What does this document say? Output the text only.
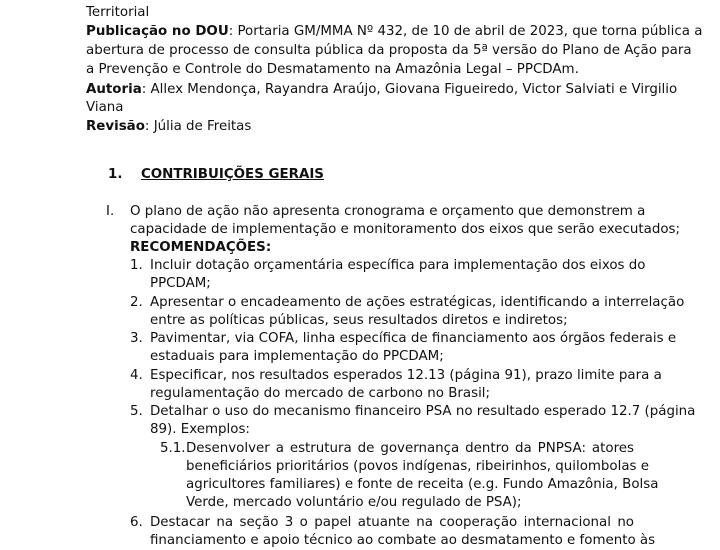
Territorial
Publicação no DOU: Portaria GM/MMA Nº 432, de 10 de abril de 2023, que torna pública a
abertura de processo de consulta pública da proposta da 5ª versão do Plano de Ação para
a Prevenção e Controle do Desmatamento na Amazônia Legal – PPCDAm.
Autoria: Allex Mendonça, Rayandra Araújo, Giovana Figueiredo, Victor Salviati e Virgilio
Viana
Revisão: Júlia de Freitas
1. CONTRIBUIÇÕES GERAIS
I. O plano de ação não apresenta cronograma e orçamento que demonstrem a
capacidade de implementação e monitoramento dos eixos que serão executados;
RECOMENDAÇÕES:
1. Incluir dotação orçamentária específica para implementação dos eixos do
PPCDAM;
2. Apresentar o encadeamento de ações estratégicas, identificando a interrelação
entre as políticas públicas, seus resultados diretos e indiretos;
3. Pavimentar, via COFA, linha específica de financiamento aos órgãos federais e
estaduais para implementação do PPCDAM;
4. Especificar, nos resultados esperados 12.13 (página 91), prazo limite para a
regulamentação do mercado de carbono no Brasil;
5. Detalhar o uso do mecanismo financeiro PSA no resultado esperado 12.7 (página
89). Exemplos:
5.1. Desenvolver a estrutura de governança dentro da PNPSA: atores
beneficiários prioritários (povos indígenas, ribeirinhos, quilombolas e
agricultores familiares) e fonte de receita (e.g. Fundo Amazônia, Bolsa
Verde, mercado voluntário e/ou regulado de PSA);
6. Destacar na seção 3 o papel atuante na cooperação internacional no
financiamento e apoio técnico ao combate ao desmatamento e fomento às
